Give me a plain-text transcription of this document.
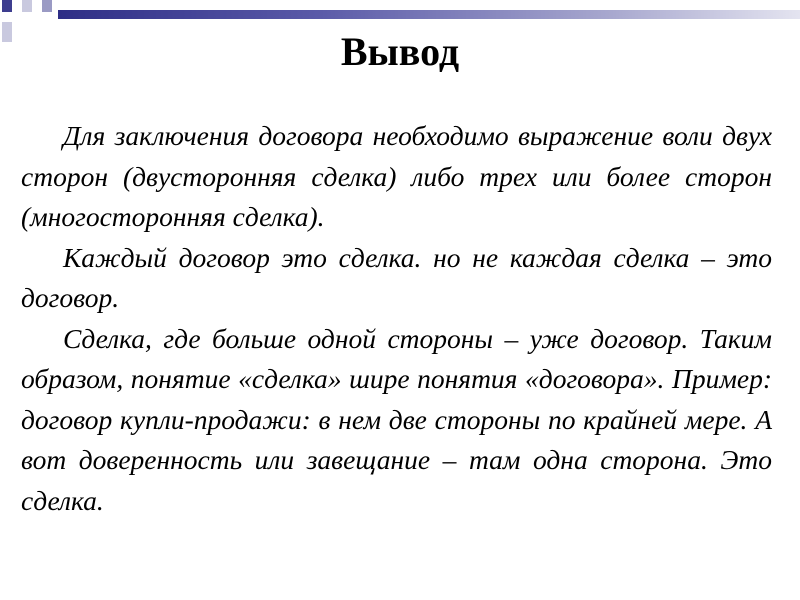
Вывод

Для заключения договора необходимо выражение воли двух сторон (двусторонняя сделка) либо трех или более сторон (многосторонняя сделка).

Каждый договор это сделка. но не каждая сделка – это договор.

Сделка, где больше одной стороны – уже договор. Таким образом, понятие «сделка» шире понятия «договора». Пример: договор купли-продажи: в нем две стороны по крайней мере. А вот доверенность или завещание – там одна сторона. Это сделка.
